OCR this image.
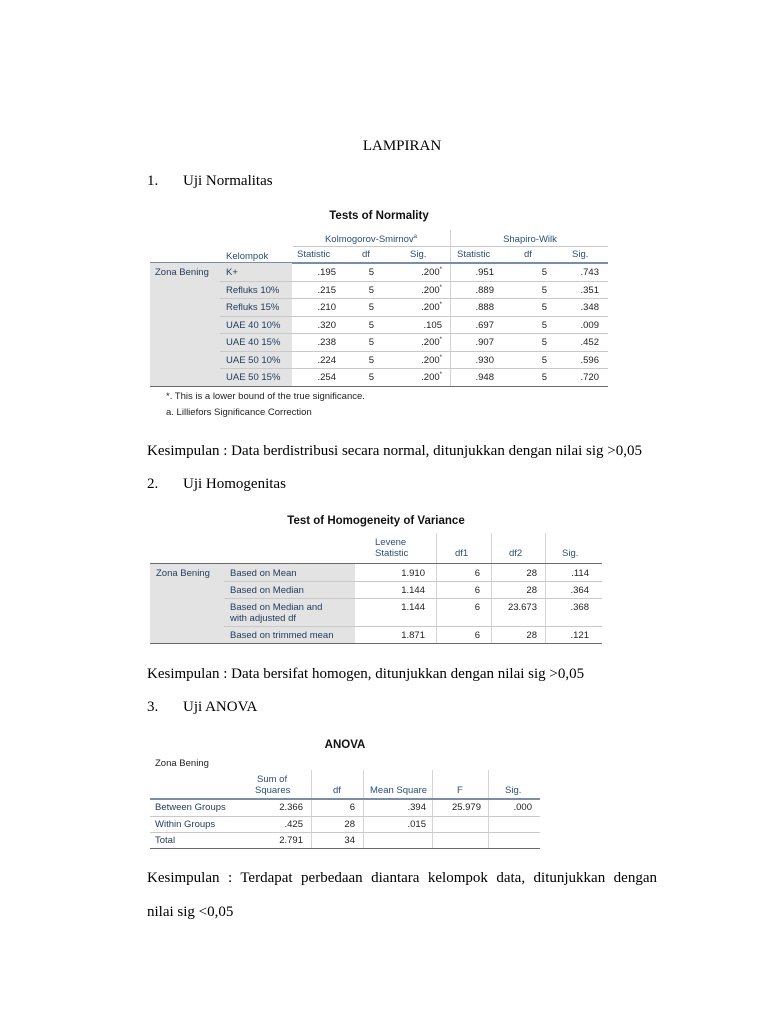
LAMPIRAN
1. Uji Normalitas
Tests of Normality
Kolmogorov-Smirnov$^a$	Shapiro-Wilk
Kelompok	Statistic	df	Sig.	Statistic	df	Sig.
Zona Bening K+	.195	5	.200*	.951	5	.743
Refluks 10%	.215	5	.200*	.889	5	.351
Refluks 15%	.210	5	.200*	.888	5	.348
UAE 40 10%	.320	5	.105	.697	5	.009
UAE 40 15%	.238	5	.200*	.907	5	.452
UAE 50 10%	.224	5	.200*	.930	5	.596
UAE 50 15%	.254	5	.200*	.948	5	.720
*. This is a lower bound of the true significance.
a. Lilliefors Significance Correction
Kesimpulan : Data berdistribusi secara normal, ditunjukkan dengan nilai sig >0,05
2. Uji Homogenitas
Test of Homogeneity of Variance
Levene
Statistic	df1	df2	Sig.
Zona Bening Based on Mean	1.910	6	28	.114
Based on Median	1.144	6	28	.364
Based on Median and
with adjusted df
1.144	6	23.673	.368
Based on trimmed mean	1.871	6	28	.121
Kesimpulan : Data bersifat homogen, ditunjukkan dengan nilai sig >0,05
3. Uji ANOVA
ANOVA
Zona Bening
Sum of
Squares	df	Mean Square	F	Sig.
Between Groups	2.366	6	.394	25.979	.000
Within Groups	.425	28	.015
Total	2.791	34
Kesimpulan : Terdapat perbedaan diantara kelompok data, ditunjukkan dengan
nilai sig <0,05
